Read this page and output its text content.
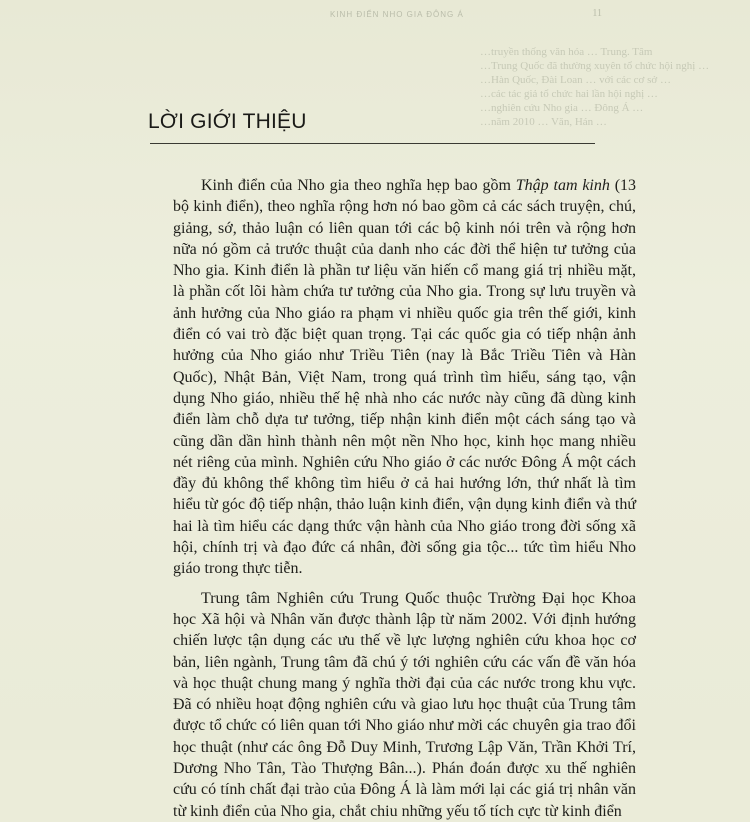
KINH ĐIỂN NHO GIA ĐÔNG Á	11
…truyền thống văn hóa … Trung. Tâm
…Trung Quốc đã thường xuyên tổ chức hội nghị …
…Hàn Quốc, Đài Loan … với các cơ sở …
…các tác giả tổ chức hai lần hội nghị …
…nghiên cứu Nho gia … Đông Á …
…năm 2010 … Văn, Hán …
LỜI GIỚI THIỆU

Kinh điển của Nho gia theo nghĩa hẹp bao gồm Thập tam kinh (13 bộ kinh điển), theo nghĩa rộng hơn nó bao gồm cả các sách truyện, chú, giảng, sớ, thảo luận có liên quan tới các bộ kinh nói trên và rộng hơn nữa nó gồm cả trước thuật của danh nho các đời thể hiện tư tưởng của Nho gia. Kinh điển là phần tư liệu văn hiến cổ mang giá trị nhiều mặt, là phần cốt lõi hàm chứa tư tưởng của Nho gia. Trong sự lưu truyền và ảnh hưởng của Nho giáo ra phạm vi nhiều quốc gia trên thế giới, kinh điển có vai trò đặc biệt quan trọng. Tại các quốc gia có tiếp nhận ảnh hưởng của Nho giáo như Triều Tiên (nay là Bắc Triều Tiên và Hàn Quốc), Nhật Bản, Việt Nam, trong quá trình tìm hiểu, sáng tạo, vận dụng Nho giáo, nhiều thế hệ nhà nho các nước này cũng đã dùng kinh điển làm chỗ dựa tư tưởng, tiếp nhận kinh điển một cách sáng tạo và cũng dần dần hình thành nên một nền Nho học, kinh học mang nhiều nét riêng của mình. Nghiên cứu Nho giáo ở các nước Đông Á một cách đầy đủ không thể không tìm hiểu ở cả hai hướng lớn, thứ nhất là tìm hiểu từ góc độ tiếp nhận, thảo luận kinh điển, vận dụng kinh điển và thứ hai là tìm hiểu các dạng thức vận hành của Nho giáo trong đời sống xã hội, chính trị và đạo đức cá nhân, đời sống gia tộc... tức tìm hiểu Nho giáo trong thực tiễn.

Trung tâm Nghiên cứu Trung Quốc thuộc Trường Đại học Khoa học Xã hội và Nhân văn được thành lập từ năm 2002. Với định hướng chiến lược tận dụng các ưu thế về lực lượng nghiên cứu khoa học cơ bản, liên ngành, Trung tâm đã chú ý tới nghiên cứu các vấn đề văn hóa và học thuật chung mang ý nghĩa thời đại của các nước trong khu vực. Đã có nhiều hoạt động nghiên cứu và giao lưu học thuật của Trung tâm được tổ chức có liên quan tới Nho giáo như mời các chuyên gia trao đổi học thuật (như các ông Đỗ Duy Minh, Trương Lập Văn, Trần Khởi Trí, Dương Nho Tân, Tào Thượng Bân...). Phán đoán được xu thế nghiên cứu có tính chất đại trào của Đông Á là làm mới lại các giá trị nhân văn từ kinh điển của Nho gia, chắt chiu những yếu tố tích cực từ kinh điển
